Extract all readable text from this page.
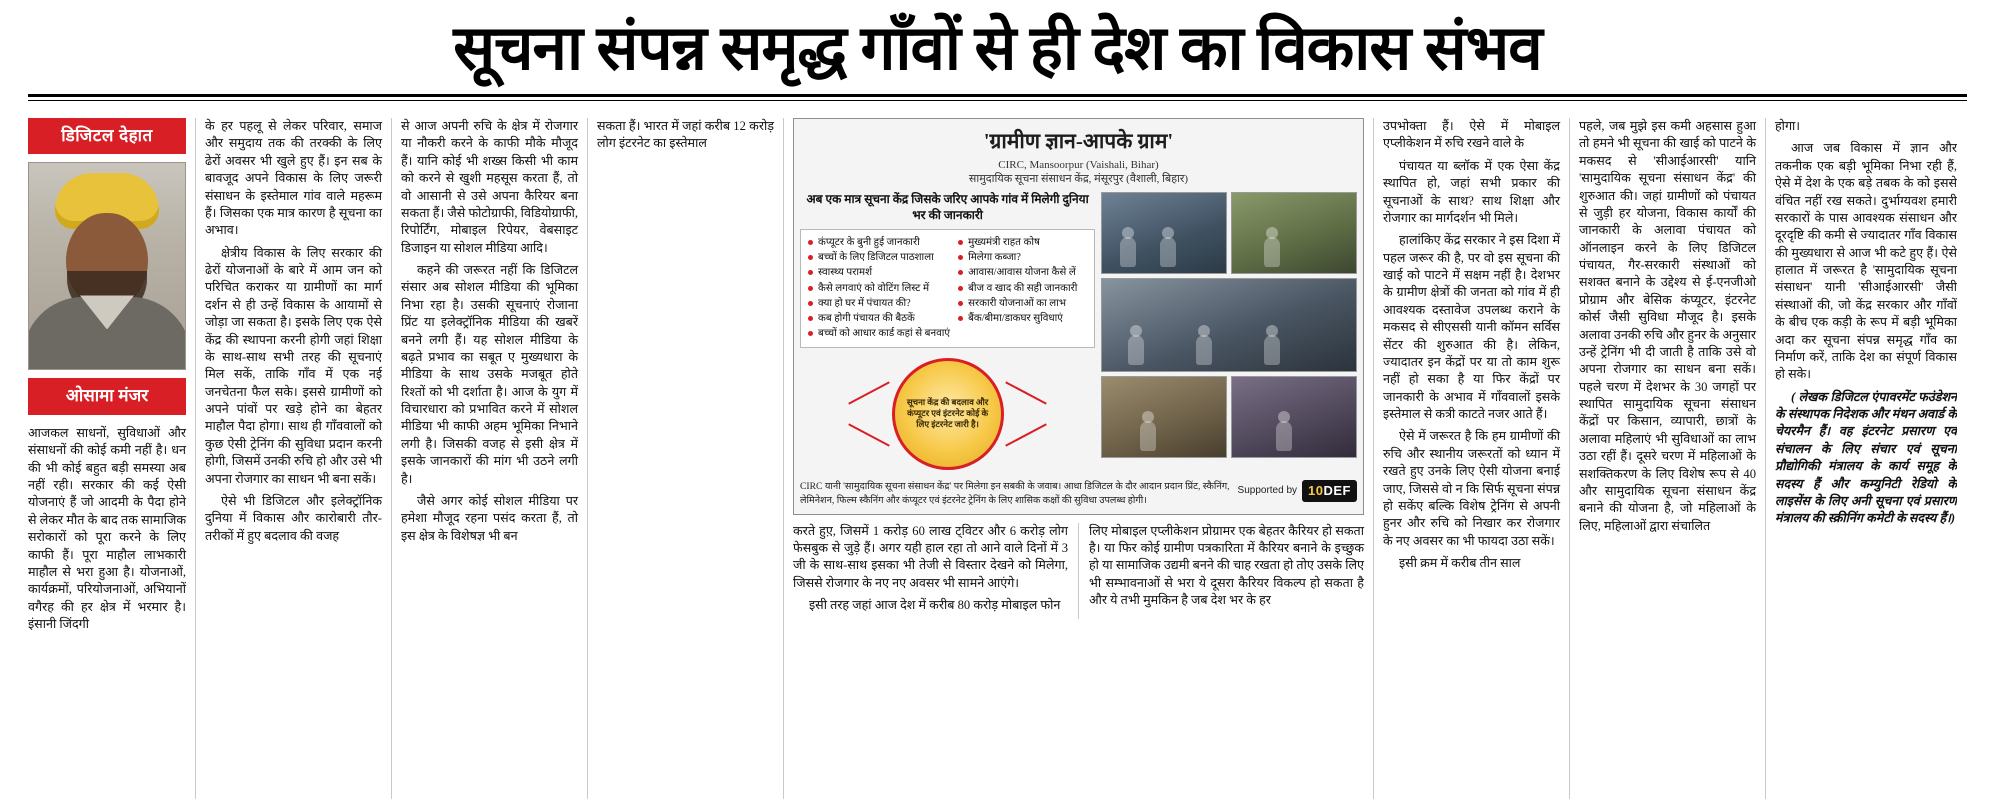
सूचना संपन्न समृद्ध गाँवों से ही देश का विकास संभव
डिजिटल देहात
ओसामा मंजर

आजकल साधनों, सुविधाओं और संसाधनों की कोई कमी नहीं है। धन की भी कोई बहुत बड़ी समस्या अब नहीं रही। सरकार की कई ऐसी योजनाएं हैं जो आदमी के पैदा होने से लेकर मौत के बाद तक सामाजिक सरोकारों को पूरा करने के लिए काफी हैं। पूरा माहौल लाभकारी माहौल से भरा हुआ है। योजनाओं, कार्यक्रमों, परियोजनाओं, अभियानों वगैरह की हर क्षेत्र में भरमार है। इंसानी जिंदगी

के हर पहलू से लेकर परिवार, समाज और समुदाय तक की तरक्की के लिए ढेरों अवसर भी खुले हुए हैं। इन सब के बावजूद अपने विकास के लिए जरूरी संसाधन के इस्तेमाल गांव वाले महरूम हैं। जिसका एक मात्र कारण है सूचना का अभाव।

क्षेत्रीय विकास के लिए सरकार की ढेरों योजनाओं के बारे में आम जन को परिचित कराकर या ग्रामीणों का मार्ग दर्शन से ही उन्हें विकास के आयामों से जोड़ा जा सकता है। इसके लिए एक ऐसे केंद्र की स्थापना करनी होगी जहां शिक्षा के साथ-साथ सभी तरह की सूचनाएं मिल सकें, ताकि गाँव में एक नई जनचेतना फैल सके। इससे ग्रामीणों को अपने पांवों पर खड़े होने का बेहतर माहौल पैदा होगा। साथ ही गाँववालों को कुछ ऐसी ट्रेनिंग की सुविधा प्रदान करनी होगी, जिसमें उनकी रुचि हो और उसे भी अपना रोजगार का साधन भी बना सकें।

ऐसे भी डिजिटल और इलेक्ट्रॉनिक दुनिया में विकास और कारोबारी तौर-तरीकों में हुए बदलाव की वजह

से आज अपनी रुचि के क्षेत्र में रोजगार या नौकरी करने के काफी मौके मौजूद हैं। यानि कोई भी शख्स किसी भी काम को करने से खुशी महसूस करता हैं, तो वो आसानी से उसे अपना कैरियर बना सकता हैं। जैसे फोटोग्राफी, विडियोग्राफी, रिपोर्टिंग, मोबाइल रिपेयर, वेबसाइट डिजाइन या सोशल मीडिया आदि।

कहने की जरूरत नहीं कि डिजिटल संसार अब सोशल मीडिया की भूमिका निभा रहा है। उसकी सूचनाएं रोजाना प्रिंट या इलेक्ट्रॉनिक मीडिया की खबरें बनने लगी हैं। यह सोशल मीडिया के बढ़ते प्रभाव का सबूत ए मुख्यधारा के मीडिया के साथ उसके मजबूत होते रिश्तों को भी दर्शाता है। आज के युग में विचारधारा को प्रभावित करने में सोशल मीडिया भी काफी अहम भूमिका निभाने लगी है। जिसकी वजह से इसी क्षेत्र में इसके जानकारों की मांग भी उठने लगी है।

जैसे अगर कोई सोशल मीडिया पर हमेशा मौजूद रहना पसंद करता हैं, तो इस क्षेत्र के विशेषज्ञ भी बन

सकता हैं। भारत में जहां करीब 12 करोड़ लोग इंटरनेट का इस्तेमाल	'ग्रामीण ज्ञान-आपके ग्राम'
CIRC, Mansoorpur (Vaishali, Bihar)
सामुदायिक सूचना संसाधन केंद्र, मंसूरपुर (वैशाली, बिहार)
अब एक मात्र सूचना केंद्र जिसके जरिए आपके गांव में मिलेगी दुनिया भर की जानकारी
कंप्यूटर के बुनी हुई जानकारी
बच्चों के लिए डिजिटल पाठशाला
स्वास्थ्य परामर्श
कैसे लगवाएं को वोटिंग लिस्ट में
क्या हो घर में पंचायत की?
कब होगी पंचायत की बैठकें
बच्चों को आधार कार्ड कहां से बनवाएं
मुख्यमंत्री राहत कोष
मिलेगा कब्जा?
आवास/आवास योजना कैसे लें
बीज व खाद की सही जानकारी
सरकारी योजनाओं का लाभ
बैंक/बीमा/डाकघर सुविधाएं
सूचना केंद्र की बदलाव और कंप्यूटर एवं इंटरनेट कोई के लिए इंटरनेट जारी है।
CIRC यानी 'सामुदायिक सूचना संसाधन केंद्र' पर मिलेगा इन सबकी के जवाब। आधा डिजिटल के दौर आदान प्रदान प्रिंट, स्कैनिंग, लेमिनेशन, फिल्म स्कैनिंग और कंप्यूटर एवं इंटरनेट ट्रेनिंग के लिए शासिक कक्षों की सुविधा उपलब्ध होगी।
Supported by 10DEF

करते हुए़, जिसमें 1 करोड़ 60 लाख ट्विटर और 6 करोड़ लोग फेसबुक से जुड़े हैं। अगर यही हाल रहा तो आने वाले दिनों में 3 जी के साथ-साथ इसका भी तेजी से विस्तार देखने को मिलेगा, जिससे रोजगार के नए नए अवसर भी सामने आएंगे।

इसी तरह जहां आज देश में करीब 80 करोड़ मोबाइल फोन

लिए मोबाइल एप्लीकेशन प्रोग्रामर एक बेहतर कैरियर हो सकता है। या फिर कोई ग्रामीण पत्रकारिता में कैरियर बनाने के इच्छुक हो या सामाजिक उद्यमी बनने की चाह रखता हो तोए उसके लिए भी सम्भावनाओं से भरा ये दूसरा कैरियर विकल्प हो सकता है और ये तभी मुमकिन है जब देश भर के हर

उपभोक्ता हैं। ऐसे में मोबाइल एप्लीकेशन में रुचि रखने वाले के

पंचायत या ब्लॉक में एक ऐसा केंद्र स्थापित हो, जहां सभी प्रकार की सूचनाओं के साथ? साथ शिक्षा और रोजगार का मार्गदर्शन भी मिले।

हालांकिए केंद्र सरकार ने इस दिशा में पहल जरूर की है, पर वो इस सूचना की खाई को पाटने में सक्षम नहीं है। देशभर के ग्रामीण क्षेत्रों की जनता को गांव में ही आवश्यक दस्तावेज उपलब्ध कराने के मकसद से सीएससी यानी कॉमन सर्विस सेंटर की शुरुआत की है। लेकिन, ज्यादातर इन केंद्रों पर या तो काम शुरू नहीं हो सका है या फिर केंद्रों पर जानकारी के अभाव में गाँववालों इसके इस्तेमाल से कत्री काटते नजर आते हैं।

ऐसे में जरूरत है कि हम ग्रामीणों की रुचि और स्थानीय जरूरतों को ध्यान में रखते हुए उनके लिए ऐसी योजना बनाई जाए, जिससे वो न कि सिर्फ सूचना संपन्न हो सकेंए बल्कि विशेष ट्रेनिंग से अपनी हुनर और रुचि को निखार कर रोजगार के नए अवसर का भी फायदा उठा सकें।

इसी क्रम में करीब तीन साल

पहले, जब मुझे इस कमी अहसास हुआ तो हमने भी सूचना की खाई को पाटने के मकसद से 'सीआईआरसी' यानि 'सामुदायिक सूचना संसाधन केंद्र' की शुरुआत की। जहां ग्रामीणों को पंचायत से जुड़ी हर योजना, विकास कार्यों की जानकारी के अलावा पंचायत को ऑनलाइन करने के लिए डिजिटल पंचायत, गैर-सरकारी संस्थाओं को सशक्त बनाने के उद्देश्य से ई-एनजीओ प्रोग्राम और बेसिक कंप्यूटर, इंटरनेट कोर्स जैसी सुविधा मौजूद है। इसके अलावा उनकी रुचि और हुनर के अनुसार उन्हें ट्रेनिंग भी दी जाती है ताकि उसे वो अपना रोजगार का साधन बना सकें। पहले चरण में देशभर के 30 जगहों पर स्थापित सामुदायिक सूचना संसाधन केंद्रों पर किसान, व्यापारी, छात्रों के अलावा महिलाएं भी सुविधाओं का लाभ उठा रहीं हैं। दूसरे चरण में महिलाओं के सशक्तिकरण के लिए विशेष रूप से 40 और सामुदायिक सूचना संसाधन केंद्र बनाने की योजना है, जो महिलाओं के लिए, महिलाओं द्वारा संचालित

होगा।

आज जब विकास में ज्ञान और तकनीक एक बड़ी भूमिका निभा रही हैं, ऐसे में देश के एक बड़े तबक के को इससे वंचित नहीं रख सकते। दुर्भाग्यवश हमारी सरकारों के पास आवश्यक संसाधन और दूरदृष्टि की कमी से ज्यादातर गाँव विकास की मुख्यधारा से आज भी कटे हुए हैं। ऐसे हालात में जरूरत है 'सामुदायिक सूचना संसाधन' यानी 'सीआईआरसी' जैसी संस्थाओं की, जो केंद्र सरकार और गाँवों के बीच एक कड़ी के रूप में बड़ी भूमिका अदा कर सूचना संपन्न समृद्ध गाँव का निर्माण करें, ताकि देश का संपूर्ण विकास हो सके।

( लेखक डिजिटल एंपावरमेंट फउंडेशन के संस्थापक निदेशक और मंथन अवार्ड के चेयरमैन हैं। वह इंटरनेट प्रसारण एवं संचालन के लिए संचार एवं सूचना प्रौद्योगिकी मंत्रालय के कार्य समूह के सदस्य हैं और कम्युनिटी रेडियो के लाइसेंस के लिए अनी सूचना एवं प्रसारण मंत्रालय की स्क्रीनिंग कमेटी के सदस्य हैं।)
